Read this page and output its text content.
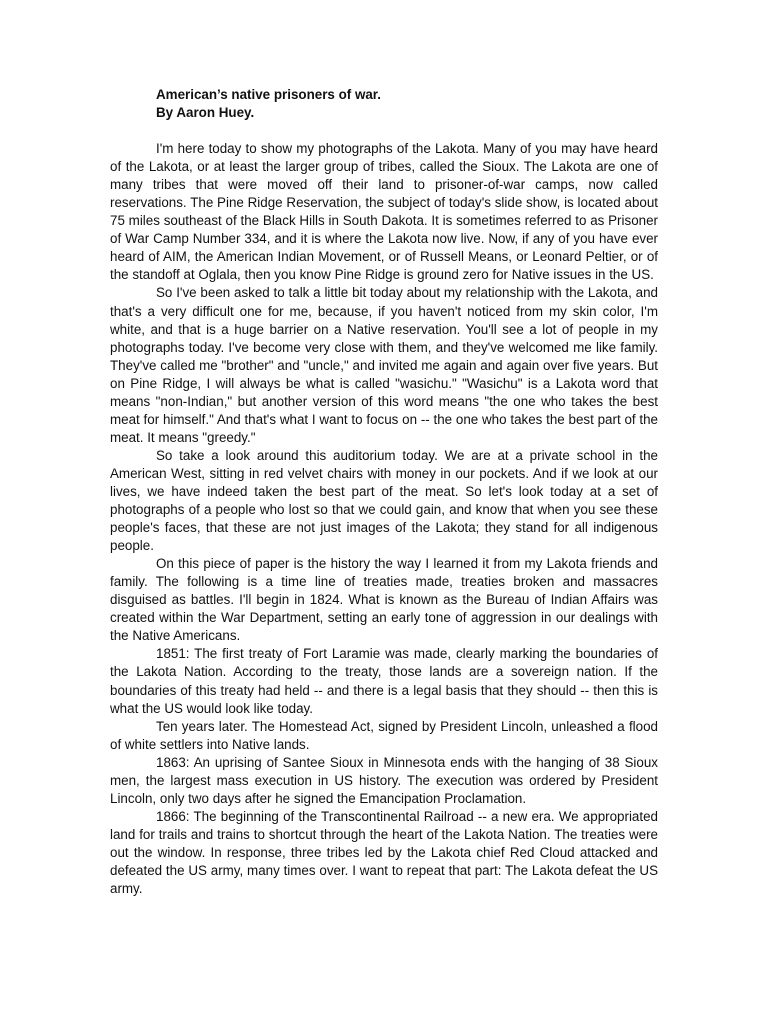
American’s native prisoners of war.

By Aaron Huey.

I'm here today to show my photographs of the Lakota. Many of you may have heard of the Lakota, or at least the larger group of tribes, called the Sioux. The Lakota are one of many tribes that were moved off their land to prisoner-of-war camps, now called reservations. The Pine Ridge Reservation, the subject of today's slide show, is located about 75 miles southeast of the Black Hills in South Dakota. It is sometimes referred to as Prisoner of War Camp Number 334, and it is where the Lakota now live. Now, if any of you have ever heard of AIM, the American Indian Movement, or of Russell Means, or Leonard Peltier, or of the standoff at Oglala, then you know Pine Ridge is ground zero for Native issues in the US.

So I've been asked to talk a little bit today about my relationship with the Lakota, and that's a very difficult one for me, because, if you haven't noticed from my skin color, I'm white, and that is a huge barrier on a Native reservation. You'll see a lot of people in my photographs today. I've become very close with them, and they've welcomed me like family. They've called me "brother" and "uncle," and invited me again and again over five years. But on Pine Ridge, I will always be what is called "wasichu." "Wasichu" is a Lakota word that means "non-Indian," but another version of this word means "the one who takes the best meat for himself." And that's what I want to focus on -- the one who takes the best part of the meat. It means "greedy."

So take a look around this auditorium today. We are at a private school in the American West, sitting in red velvet chairs with money in our pockets. And if we look at our lives, we have indeed taken the best part of the meat. So let's look today at a set of photographs of a people who lost so that we could gain, and know that when you see these people's faces, that these are not just images of the Lakota; they stand for all indigenous people.

On this piece of paper is the history the way I learned it from my Lakota friends and family. The following is a time line of treaties made, treaties broken and massacres disguised as battles. I'll begin in 1824. What is known as the Bureau of Indian Affairs was created within the War Department, setting an early tone of aggression in our dealings with the Native Americans.

1851: The first treaty of Fort Laramie was made, clearly marking the boundaries of the Lakota Nation. According to the treaty, those lands are a sovereign nation. If the boundaries of this treaty had held -- and there is a legal basis that they should -- then this is what the US would look like today.

Ten years later. The Homestead Act, signed by President Lincoln, unleashed a flood of white settlers into Native lands.

1863: An uprising of Santee Sioux in Minnesota ends with the hanging of 38 Sioux men, the largest mass execution in US history. The execution was ordered by President Lincoln, only two days after he signed the Emancipation Proclamation.

1866: The beginning of the Transcontinental Railroad -- a new era. We appropriated land for trails and trains to shortcut through the heart of the Lakota Nation. The treaties were out the window. In response, three tribes led by the Lakota chief Red Cloud attacked and defeated the US army, many times over. I want to repeat that part: The Lakota defeat the US army.
